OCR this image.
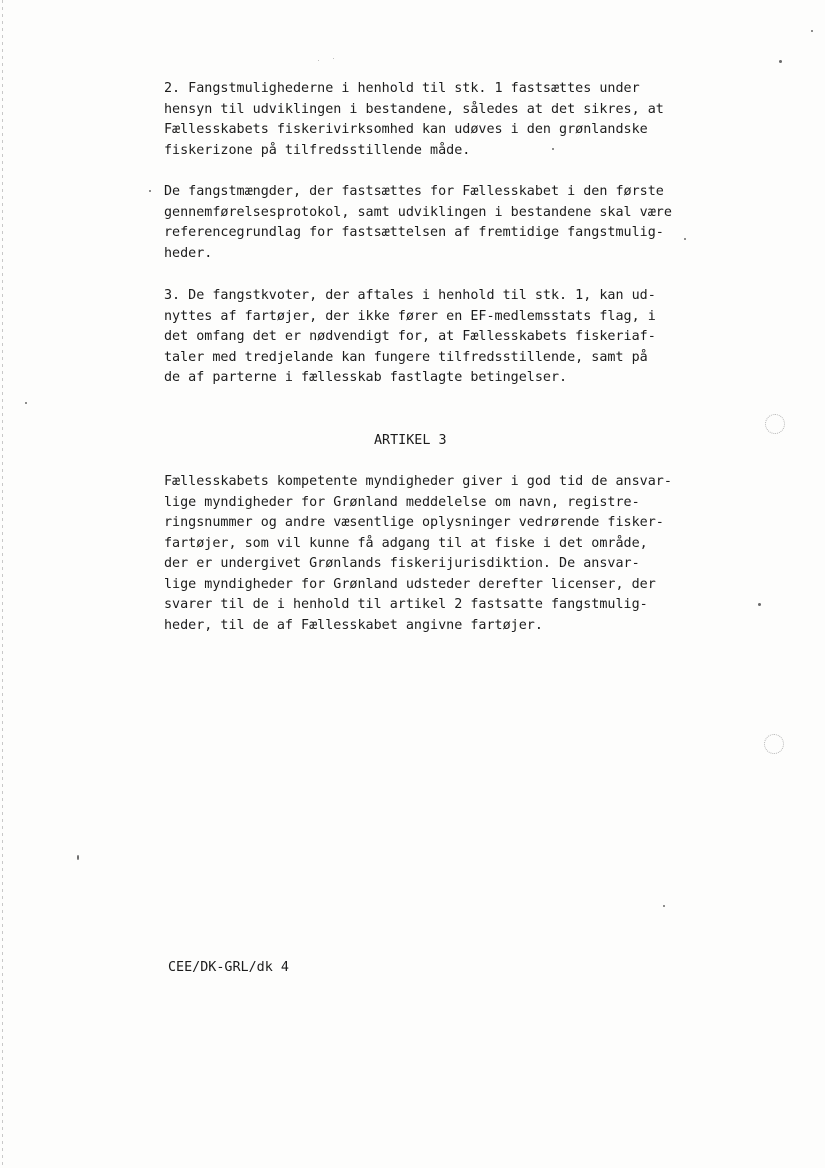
2. Fangstmulighederne i henhold til stk. 1 fastsættes under
hensyn til udviklingen i bestandene, således at det sikres, at
Fællesskabets fiskerivirksomhed kan udøves i den grønlandske
fiskerizone på tilfredsstillende måde.
De fangstmængder, der fastsættes for Fællesskabet i den første
gennemførelsesprotokol, samt udviklingen i bestandene skal være
referencegrundlag for fastsættelsen af fremtidige fangstmulig-
heder.
3. De fangstkvoter, der aftales i henhold til stk. 1, kan ud-
nyttes af fartøjer, der ikke fører en EF-medlemsstats flag, i
det omfang det er nødvendigt for, at Fællesskabets fiskeriaf-
taler med tredjelande kan fungere tilfredsstillende, samt på
de af parterne i fællesskab fastlagte betingelser.
ARTIKEL 3
Fællesskabets kompetente myndigheder giver i god tid de ansvar-
lige myndigheder for Grønland meddelelse om navn, registre-
ringsnummer og andre væsentlige oplysninger vedrørende fisker-
fartøjer, som vil kunne få adgang til at fiske i det område,
der er undergivet Grønlands fiskerijurisdiktion. De ansvar-
lige myndigheder for Grønland udsteder derefter licenser, der
svarer til de i henhold til artikel 2 fastsatte fangstmulig-
heder, til de af Fællesskabet angivne fartøjer.
CEE/DK-GRL/dk 4
